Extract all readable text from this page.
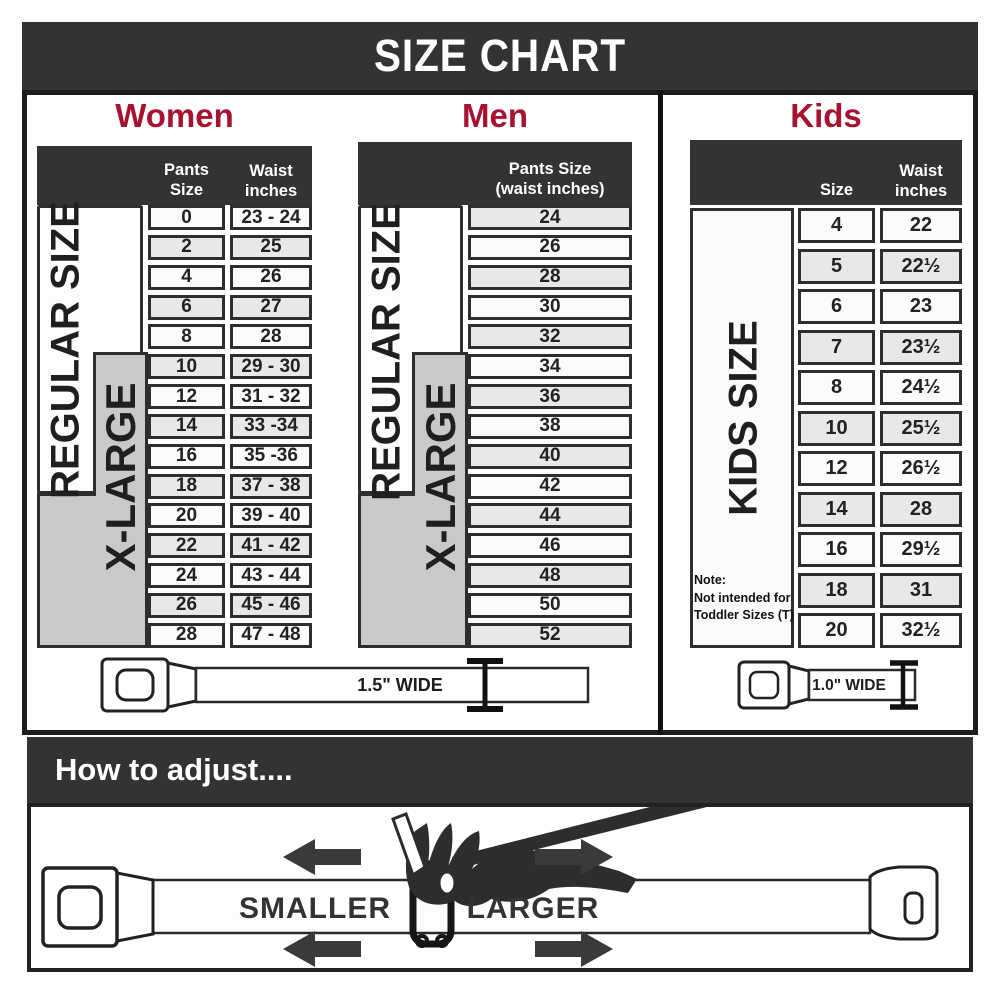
SIZE CHART
Women	Men	Kids
Pants Size
Waist
inches
0	23 - 24
2	25
4	26
6	27
8	28
10	29 - 30
12	31 - 32
14	33 -34
16	35 -36
18	37 - 38
20	39 - 40
22	41 - 42
24	43 - 44
26	45 - 46
28	47 - 48
REGULAR SIZE X-LARGE
Pants Size
(waist inches)
24
26
28
30
32
34
36
38
40
42
44
46
48
50
52
REGULAR SIZE X-LARGE
Size
Waist
inches
4	22
5	22½
6	23
7	23½
8	24½
10	25½
12	26½
14	28
16	29½
18	31
20	32½
KIDS SIZE
Note:
Not intended for
Toddler Sizes (T)
1.5" WIDE	1.0" WIDE
How to adjust....
SMALLER	LARGER
